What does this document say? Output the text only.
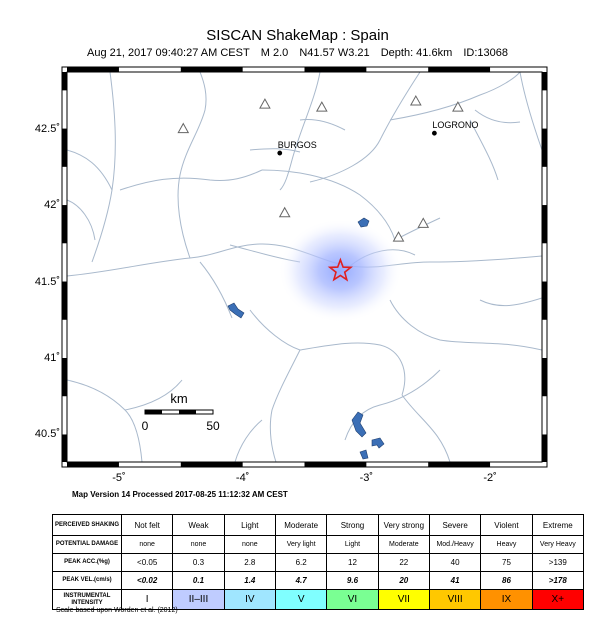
SISCAN ShakeMap : Spain
Aug 21, 2017 09:40:27 AM CEST M 2.0 N41.57 W3.21 Depth: 41.6km ID:13068
BURGOS
LOGRONO
km
0	50
42.5˚
42˚
41.5˚
41˚
40.5˚
-5˚	-4˚	-3˚	-2˚
Map Version 14 Processed 2017-08-25 11:12:32 AM CEST
PERCEIVED SHAKING	Not felt	Weak	Light	Moderate	Strong	Very strong	Severe	Violent	Extreme
POTENTIAL DAMAGE	none	none	none	Very light	Light	Moderate	Mod./Heavy	Heavy	Very Heavy
PEAK ACC.(%g)	<0.05	0.3	2.8	6.2	12	22	40	75	>139
PEAK VEL.(cm/s)	<0.02	0.1	1.4	4.7	9.6	20	41	86	>178
INSTRUMENTAL INTENSITY	I	II–III	IV	V	VI	VII	VIII	IX	X+
Scale based upon Worden et al. (2012)
